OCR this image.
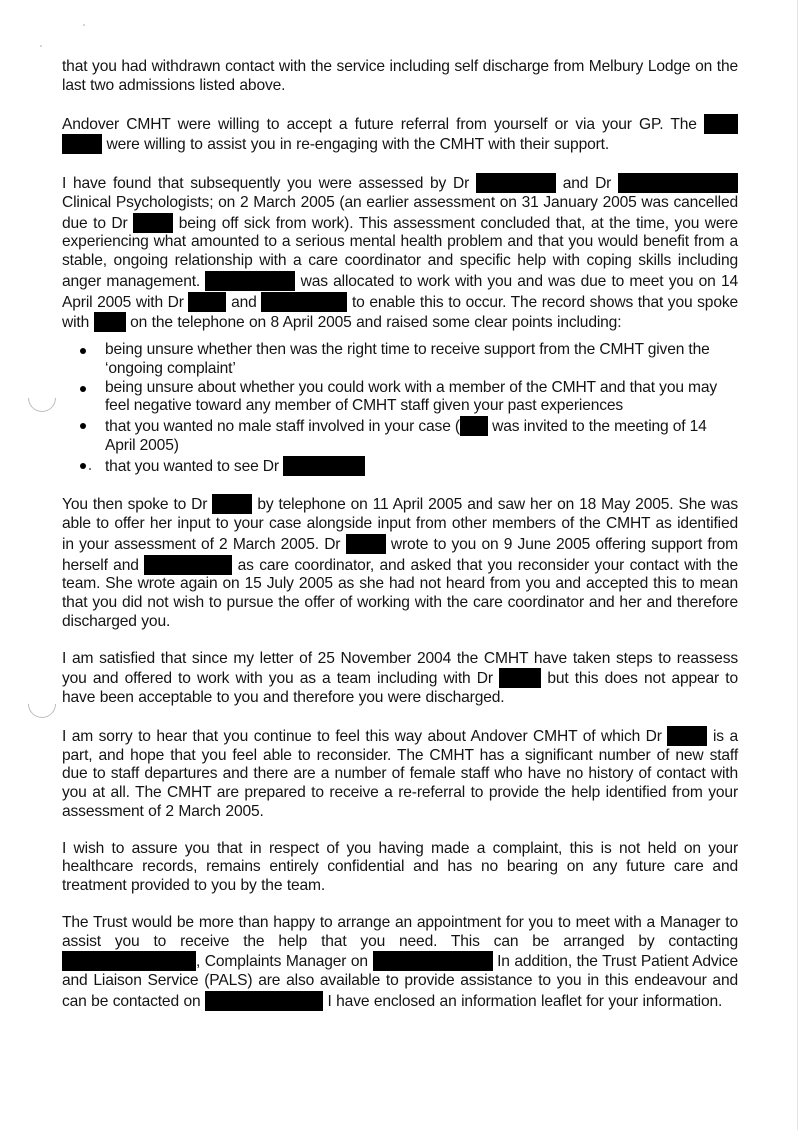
that you had withdrawn contact with the service including self discharge from Melbury Lodge on the last two admissions listed above.

Andover CMHT were willing to accept a future referral from yourself or via your GP. The   were willing to assist you in re-engaging with the CMHT with their support.

I have found that subsequently you were assessed by Dr	and Dr  Clinical Psychologists; on 2 March 2005 (an earlier assessment on 31 January 2005 was cancelled due to Dr	being off sick from work). This assessment concluded that, at the time, you were experiencing what amounted to a serious mental health problem and that you would benefit from a stable, ongoing relationship with a care coordinator and specific help with coping skills including anger management.	was allocated to work with you and was due to meet you on 14 April 2005 with Dr	and	to enable this to occur. The record shows that you spoke with	on the telephone on 8 April 2005 and raised some clear points including:

being unsure whether then was the right time to receive support from the CMHT given the ‘ongoing complaint’
being unsure about whether you could work with a member of the CMHT and that you may feel negative toward any member of CMHT staff given your past experiences
that you wanted no male staff involved in your case ( was invited to the meeting of 14 April 2005)
that you wanted to see Dr

You then spoke to Dr	by telephone on 11 April 2005 and saw her on 18 May 2005. She was able to offer her input to your case alongside input from other members of the CMHT as identified in your assessment of 2 March 2005. Dr	wrote to you on 9 June 2005 offering support from herself and	as care coordinator, and asked that you reconsider your contact with the team. She wrote again on 15 July 2005 as she had not heard from you and accepted this to mean that you did not wish to pursue the offer of working with the care coordinator and her and therefore discharged you.

I am satisfied that since my letter of 25 November 2004 the CMHT have taken steps to reassess you and offered to work with you as a team including with Dr	but this does not appear to have been acceptable to you and therefore you were discharged.

I am sorry to hear that you continue to feel this way about Andover CMHT of which Dr	is a part, and hope that you feel able to reconsider. The CMHT has a significant number of new staff due to staff departures and there are a number of female staff who have no history of contact with you at all. The CMHT are prepared to receive a re-referral to provide the help identified from your assessment of 2 March 2005.

I wish to assure you that in respect of you having made a complaint, this is not held on your healthcare records, remains entirely confidential and has no bearing on any future care and treatment provided to you by the team.

The Trust would be more than happy to arrange an appointment for you to meet with a Manager to assist you to receive the help that you need. This can be arranged by contacting , Complaints Manager on	In addition, the Trust Patient Advice and Liaison Service (PALS) are also available to provide assistance to you in this endeavour and can be contacted on	I have enclosed an information leaflet for your information.
